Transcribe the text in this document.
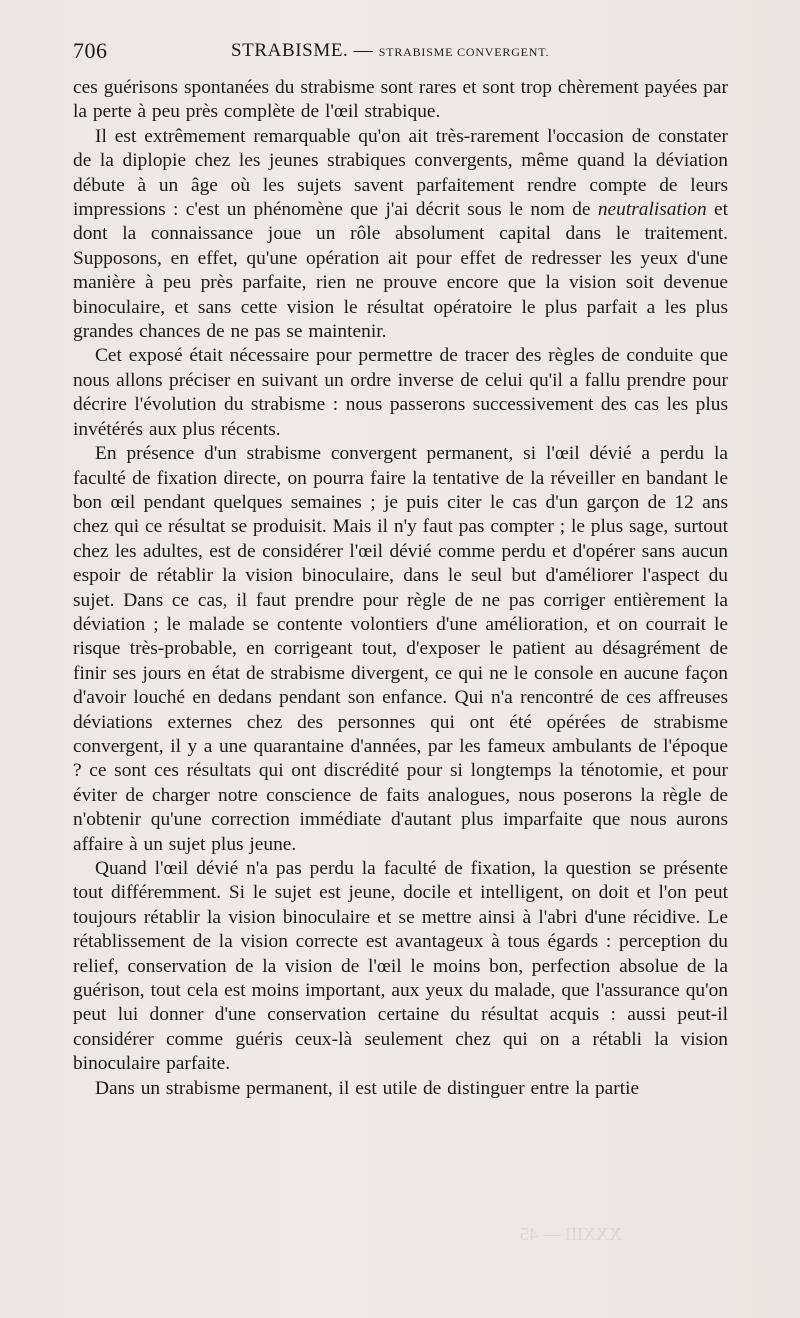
XXXIII — 45
706	STRABISME. — STRABISME CONVERGENT.

ces guérisons spontanées du strabisme sont rares et sont trop chèrement payées par la perte à peu près complète de l'œil strabique.

Il est extrêmement remarquable qu'on ait très-rarement l'occasion de constater de la diplopie chez les jeunes strabiques convergents, même quand la déviation débute à un âge où les sujets savent parfaitement rendre compte de leurs impressions : c'est un phénomène que j'ai décrit sous le nom de neutralisation et dont la connaissance joue un rôle absolument capital dans le traitement. Supposons, en effet, qu'une opération ait pour effet de redresser les yeux d'une manière à peu près parfaite, rien ne prouve encore que la vision soit devenue binoculaire, et sans cette vision le résultat opératoire le plus parfait a les plus grandes chances de ne pas se maintenir.

Cet exposé était nécessaire pour permettre de tracer des règles de conduite que nous allons préciser en suivant un ordre inverse de celui qu'il a fallu prendre pour décrire l'évolution du strabisme : nous passerons successivement des cas les plus invétérés aux plus récents.

En présence d'un strabisme convergent permanent, si l'œil dévié a perdu la faculté de fixation directe, on pourra faire la tentative de la réveiller en bandant le bon œil pendant quelques semaines ; je puis citer le cas d'un garçon de 12 ans chez qui ce résultat se produisit. Mais il n'y faut pas compter ; le plus sage, surtout chez les adultes, est de considérer l'œil dévié comme perdu et d'opérer sans aucun espoir de rétablir la vision binoculaire, dans le seul but d'améliorer l'aspect du sujet. Dans ce cas, il faut prendre pour règle de ne pas corriger entièrement la déviation ; le malade se contente volontiers d'une amélioration, et on courrait le risque très-probable, en corrigeant tout, d'exposer le patient au désagrément de finir ses jours en état de strabisme divergent, ce qui ne le console en aucune façon d'avoir louché en dedans pendant son enfance. Qui n'a rencontré de ces affreuses déviations externes chez des personnes qui ont été opérées de strabisme convergent, il y a une quarantaine d'années, par les fameux ambulants de l'époque ? ce sont ces résultats qui ont discrédité pour si longtemps la ténotomie, et pour éviter de charger notre conscience de faits analogues, nous poserons la règle de n'obtenir qu'une correction immédiate d'autant plus imparfaite que nous aurons affaire à un sujet plus jeune.

Quand l'œil dévié n'a pas perdu la faculté de fixation, la question se présente tout différemment. Si le sujet est jeune, docile et intelligent, on doit et l'on peut toujours rétablir la vision binoculaire et se mettre ainsi à l'abri d'une récidive. Le rétablissement de la vision correcte est avantageux à tous égards : perception du relief, conservation de la vision de l'œil le moins bon, perfection absolue de la guérison, tout cela est moins important, aux yeux du malade, que l'assurance qu'on peut lui donner d'une conservation certaine du résultat acquis : aussi peut-il considérer comme guéris ceux-là seulement chez qui on a rétabli la vision binoculaire parfaite.

Dans un strabisme permanent, il est utile de distinguer entre la partie
